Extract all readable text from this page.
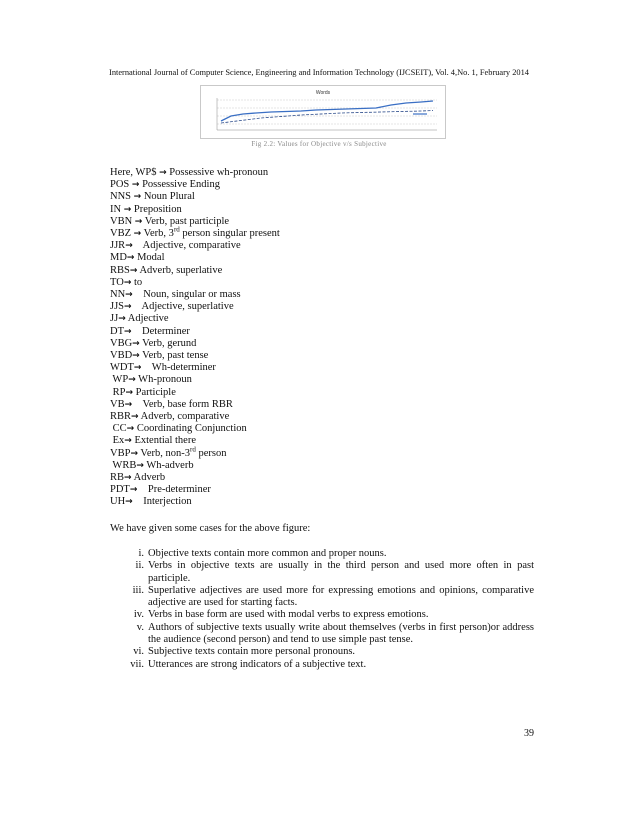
International Journal of Computer Science, Engineering and Information Technology (IJCSEIT), Vol. 4,No. 1, February 2014
Words
Fig 2.2: Values for Objective v/s Subjective
Here, WP$ → Possessive wh-pronoun
POS → Possessive Ending
NNS → Noun Plural
IN → Preposition
VBN → Verb, past participle
VBZ → Verb, 3rd person singular present
JJR→    Adjective, comparative
MD→ Modal
RBS→ Adverb, superlative
TO→ to
NN→    Noun, singular or mass
JJS→    Adjective, superlative
JJ→ Adjective
DT→    Determiner
VBG→ Verb, gerund
VBD→ Verb, past tense
WDT→    Wh-determiner
WP→ Wh-pronoun
RP→ Participle
VB→    Verb, base form RBR
RBR→ Adverb, comparative
CC→ Coordinating Conjunction
Ex→ Extential there
VBP→ Verb, non-3rd person
WRB→ Wh-adverb
RB→ Adverb
PDT→    Pre-determiner
UH→    Interjection
We have given some cases for the above figure:
i. Objective texts contain more common and proper nouns.
ii. Verbs in objective texts are usually in the third person and used more often in past participle.
iii. Superlative adjectives are used more for expressing emotions and opinions, comparative adjective are used for starting facts.
iv. Verbs in base form are used with modal verbs to express emotions.
v. Authors of subjective texts usually write about themselves (verbs in first person)or address the audience (second person) and tend to use simple past tense.
vi. Subjective texts contain more personal pronouns.
vii. Utterances are strong indicators of a subjective text.
39
